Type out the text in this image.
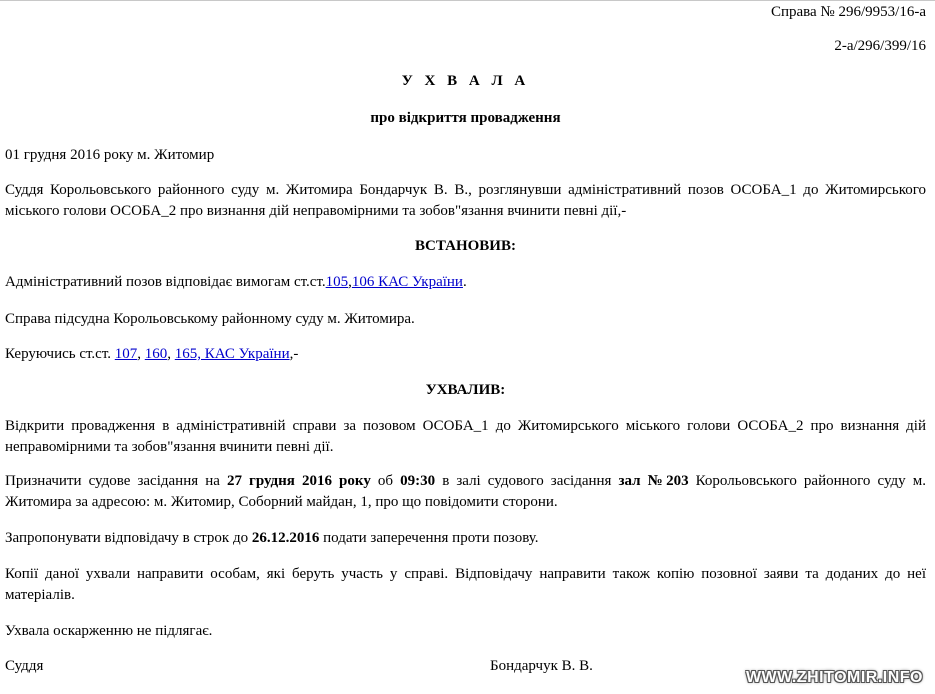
Справа № 296/9953/16-а

2-а/296/399/16

У Х В А Л А

про відкриття провадження

01 грудня 2016 року м. Житомир

Суддя Корольовського районного суду м. Житомира Бондарчук В. В., розглянувши адміністративний позов ОСОБА_1 до Житомирського міського голови ОСОБА_2 про визнання дій неправомірними та зобов"язання вчинити певні дії,-

ВСТАНОВИВ:

Адміністративний позов відповідає вимогам ст.ст.105,106 КАС України.

Справа підсудна Корольовському районному суду м. Житомира.

Керуючись ст.ст. 107, 160, 165, КАС України,-

УХВАЛИВ:

Відкрити провадження в адміністративній справи за позовом ОСОБА_1 до Житомирського міського голови ОСОБА_2 про визнання дій неправомірними та зобов"язання вчинити певні дії.

Призначити судове засідання на 27 грудня 2016 року об 09:30 в залі судового засідання зал №203 Корольовського районного суду м. Житомира за адресою: м. Житомир, Соборний майдан, 1, про що повідомити сторони.

Запропонувати відповідачу в строк до 26.12.2016 подати заперечення проти позову.

Копії даної ухвали направити особам, які беруть участь у справі. Відповідачу направити також копію позовної заяви та доданих до неї матеріалів.

Ухвала оскарженню не підлягає.

Суддя	Бондарчук В. В.

WWW.ZHITOMIR.INFO
